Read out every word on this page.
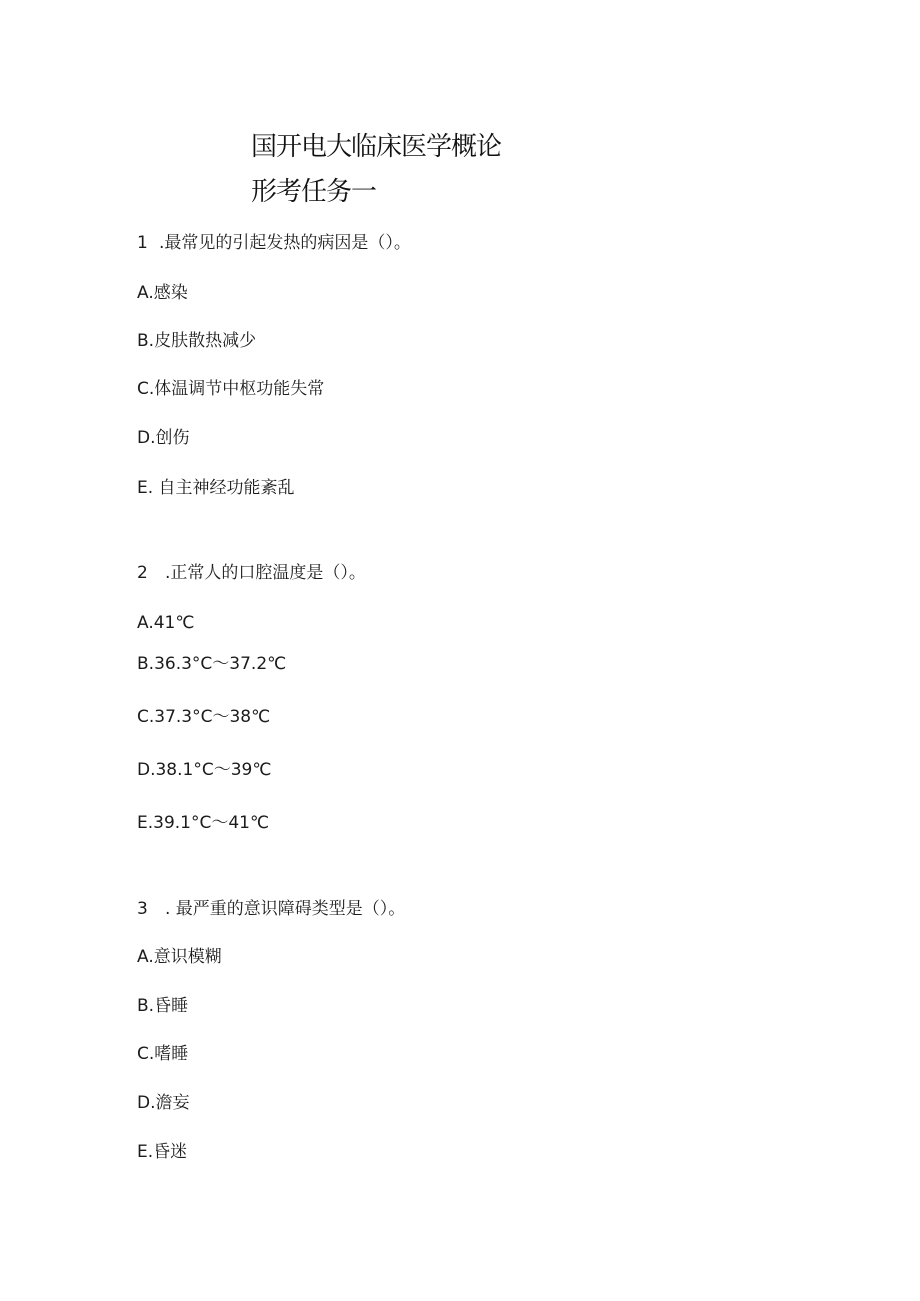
国开电大临床医学概论
形考任务一
1 .最常见的引起发热的病因是（）。
A.感染
B.皮肤散热减少
C.体温调节中枢功能失常
D.创伤
E. 自主神经功能紊乱
2 .正常人的口腔温度是（）。
A.41℃
B.36.3°C～37.2℃
C.37.3°C～38℃
D.38.1°C～39℃
E.39.1°C～41℃
3 . 最严重的意识障碍类型是（）。
A.意识模糊
B.昏睡
C.嗜睡
D.澹妄
E.昏迷
